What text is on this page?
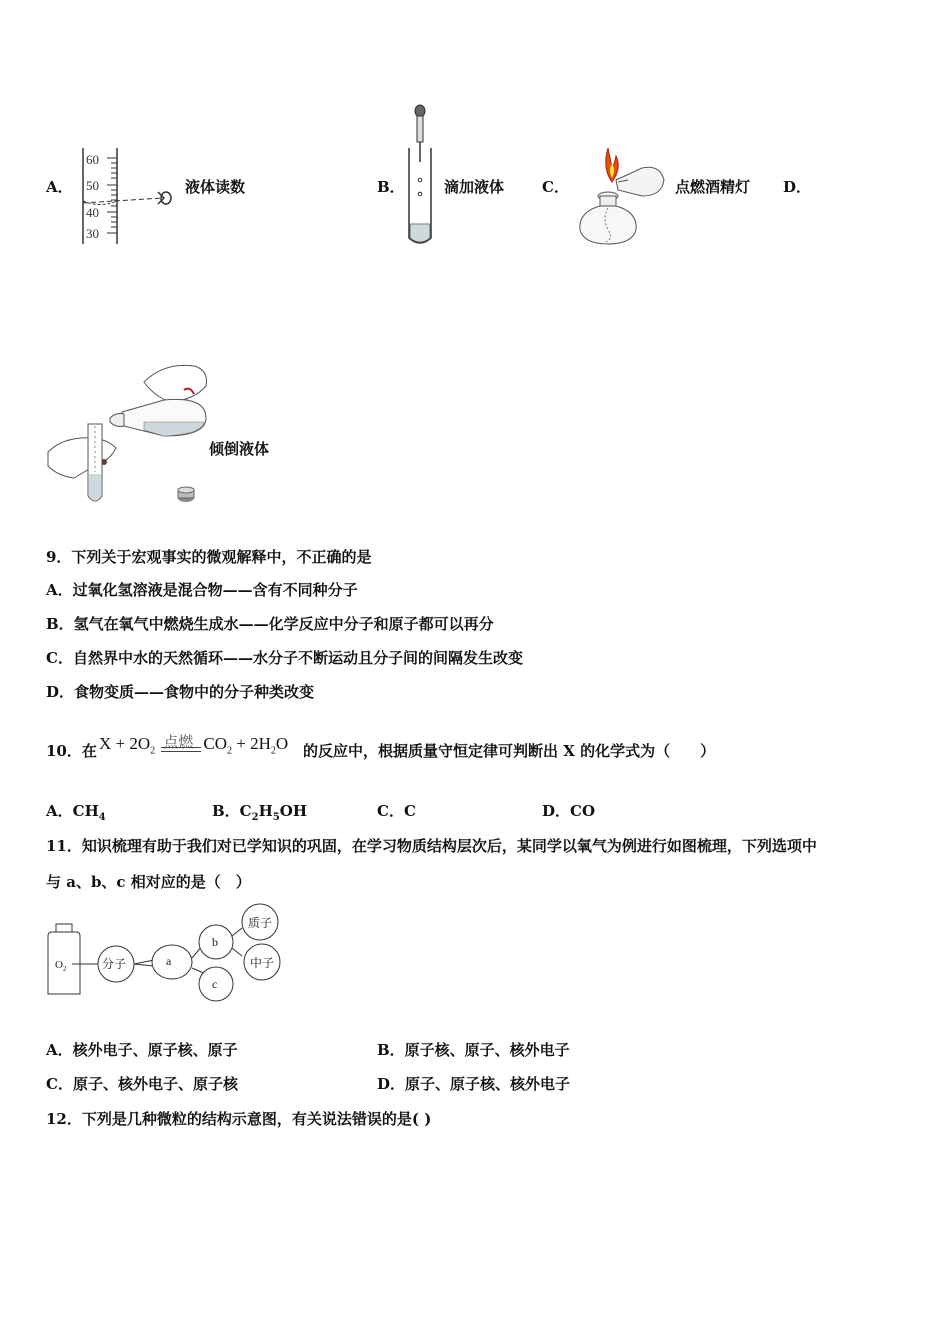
A．
60
50
40
30
液体读数	B．	滴加液体	C．	点燃酒精灯 D．
倾倒液体
9．下列关于宏观事实的微观解释中，不正确的是
A．过氧化氢溶液是混合物——含有不同种分子
B．氢气在氧气中燃烧生成水——化学反应中分子和原子都可以再分
C．自然界中水的天然循环——水分子不断运动且分子间的间隔发生改变
D．食物变质——食物中的分子种类改变
10．在 $X + 2O_2$ 点燃 $CO_2 + 2H_2O$ 的反应中，根据质量守恒定律可判断出 X 的化学式为（　　）
A．$CH_4$	B．$C_2H_5OH$	C．C	D．CO
11．知识梳理有助于我们对已学知识的巩固，在学习物质结构层次后，某同学以氧气为例进行如图梳理，下列选项中
与 a、b、c 相对应的是（　）
$O_2$	分子	a
b
c
质子
中子
A．核外电子、原子核、原子	B．原子核、原子、核外电子
C．原子、核外电子、原子核	D．原子、原子核、核外电子
12．下列是几种微粒的结构示意图，有关说法错误的是( )
